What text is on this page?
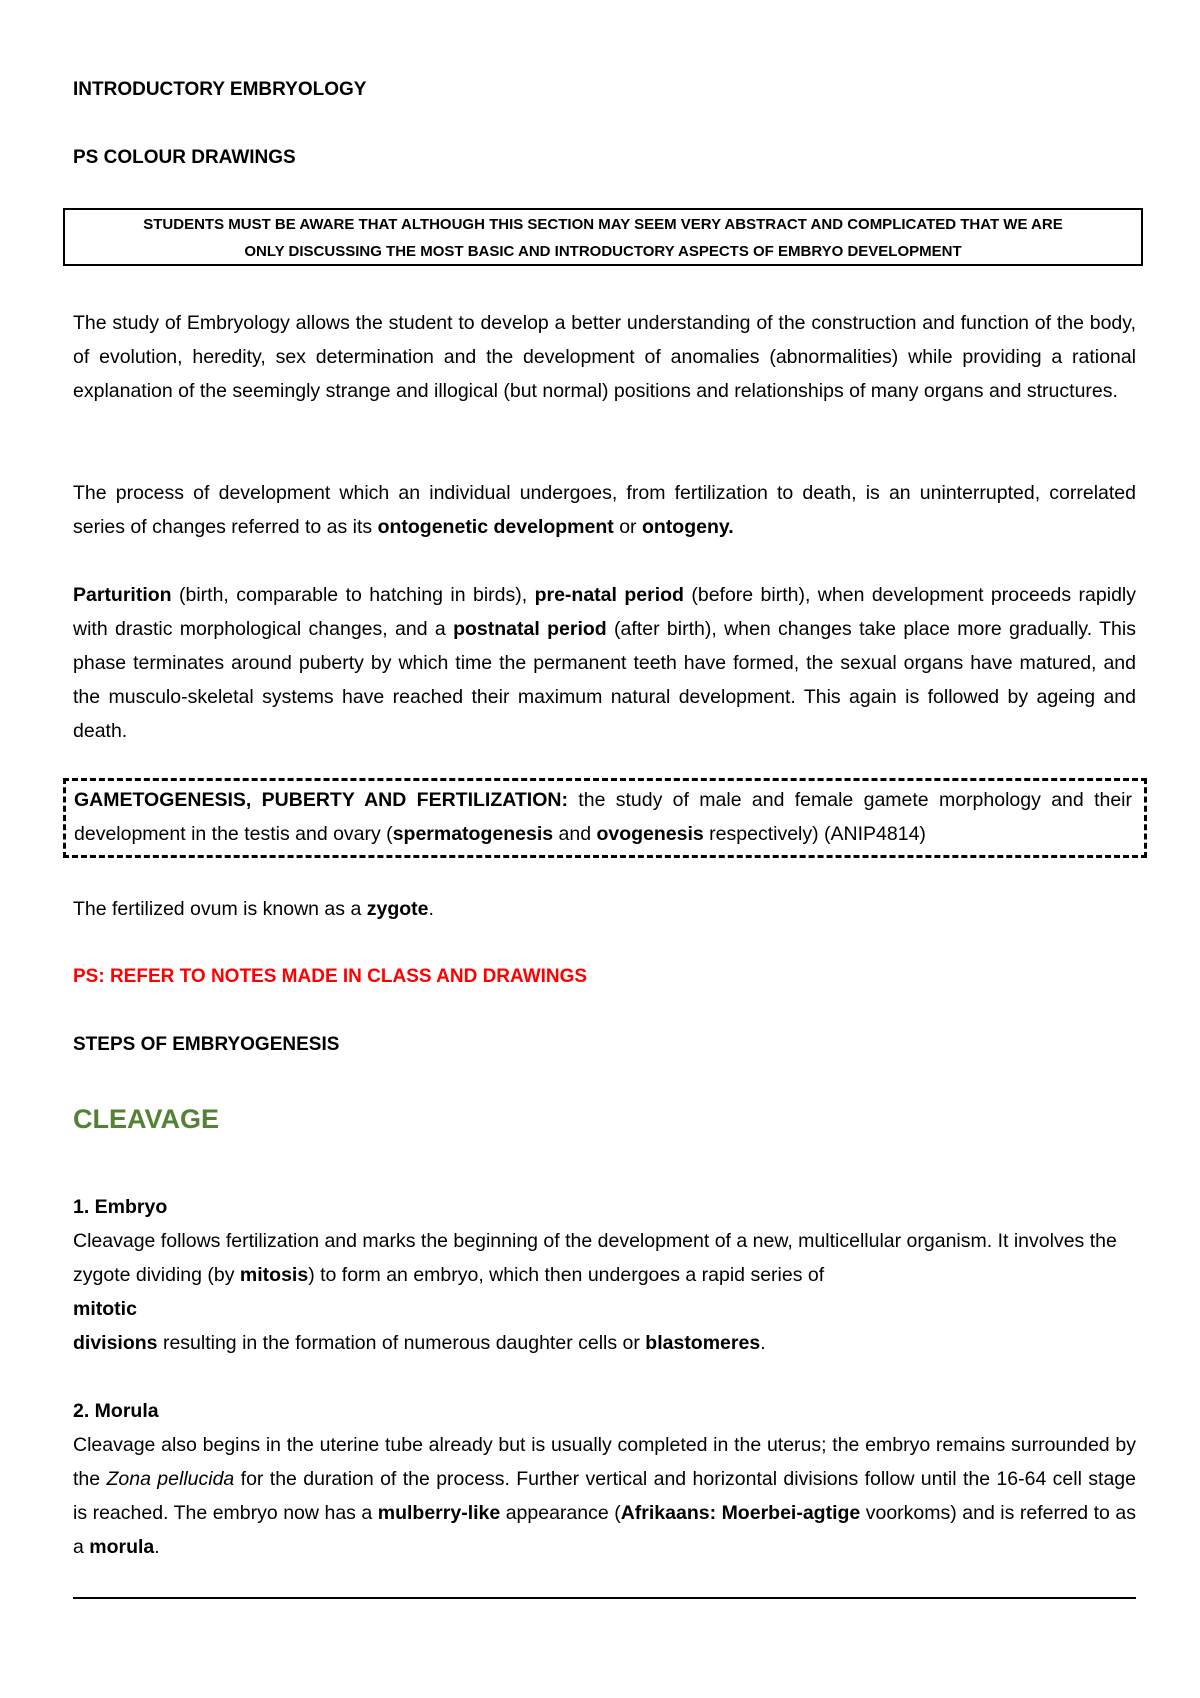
INTRODUCTORY EMBRYOLOGY
PS COLOUR DRAWINGS
STUDENTS MUST BE AWARE THAT ALTHOUGH THIS SECTION MAY SEEM VERY ABSTRACT AND COMPLICATED THAT WE ARE
ONLY DISCUSSING THE MOST BASIC AND INTRODUCTORY ASPECTS OF EMBRYO DEVELOPMENT
The study of Embryology allows the student to develop a better understanding of the construction and function of the body, of evolution, heredity, sex determination and the development of anomalies (abnormalities) while providing a rational explanation of the seemingly strange and illogical (but normal) positions and relationships of many organs and structures.
The process of development which an individual undergoes, from fertilization to death, is an uninterrupted, correlated series of changes referred to as its ontogenetic development or ontogeny.
Parturition (birth, comparable to hatching in birds), pre-natal period (before birth), when development proceeds rapidly with drastic morphological changes, and a postnatal period (after birth), when changes take place more gradually. This phase terminates around puberty by which time the permanent teeth have formed, the sexual organs have matured, and the musculo-skeletal systems have reached their maximum natural development. This again is followed by ageing and death.
GAMETOGENESIS, PUBERTY AND FERTILIZATION: the study of male and female gamete morphology and their development in the testis and ovary (spermatogenesis and ovogenesis respectively) (ANIP4814)
The fertilized ovum is known as a zygote.
PS: REFER TO NOTES MADE IN CLASS AND DRAWINGS
STEPS OF EMBRYOGENESIS
CLEAVAGE
1. Embryo
Cleavage follows fertilization and marks the beginning of the development of a new, multicellular organism. It involves the zygote dividing (by mitosis) to form an embryo, which then undergoes a rapid series of
mitotic
divisions resulting in the formation of numerous daughter cells or blastomeres.
2. Morula
Cleavage also begins in the uterine tube already but is usually completed in the uterus; the embryo remains surrounded by the Zona pellucida for the duration of the process. Further vertical and horizontal divisions follow until the 16-64 cell stage is reached. The embryo now has a mulberry-like appearance (Afrikaans: Moerbei-agtige voorkoms) and is referred to as a morula.
